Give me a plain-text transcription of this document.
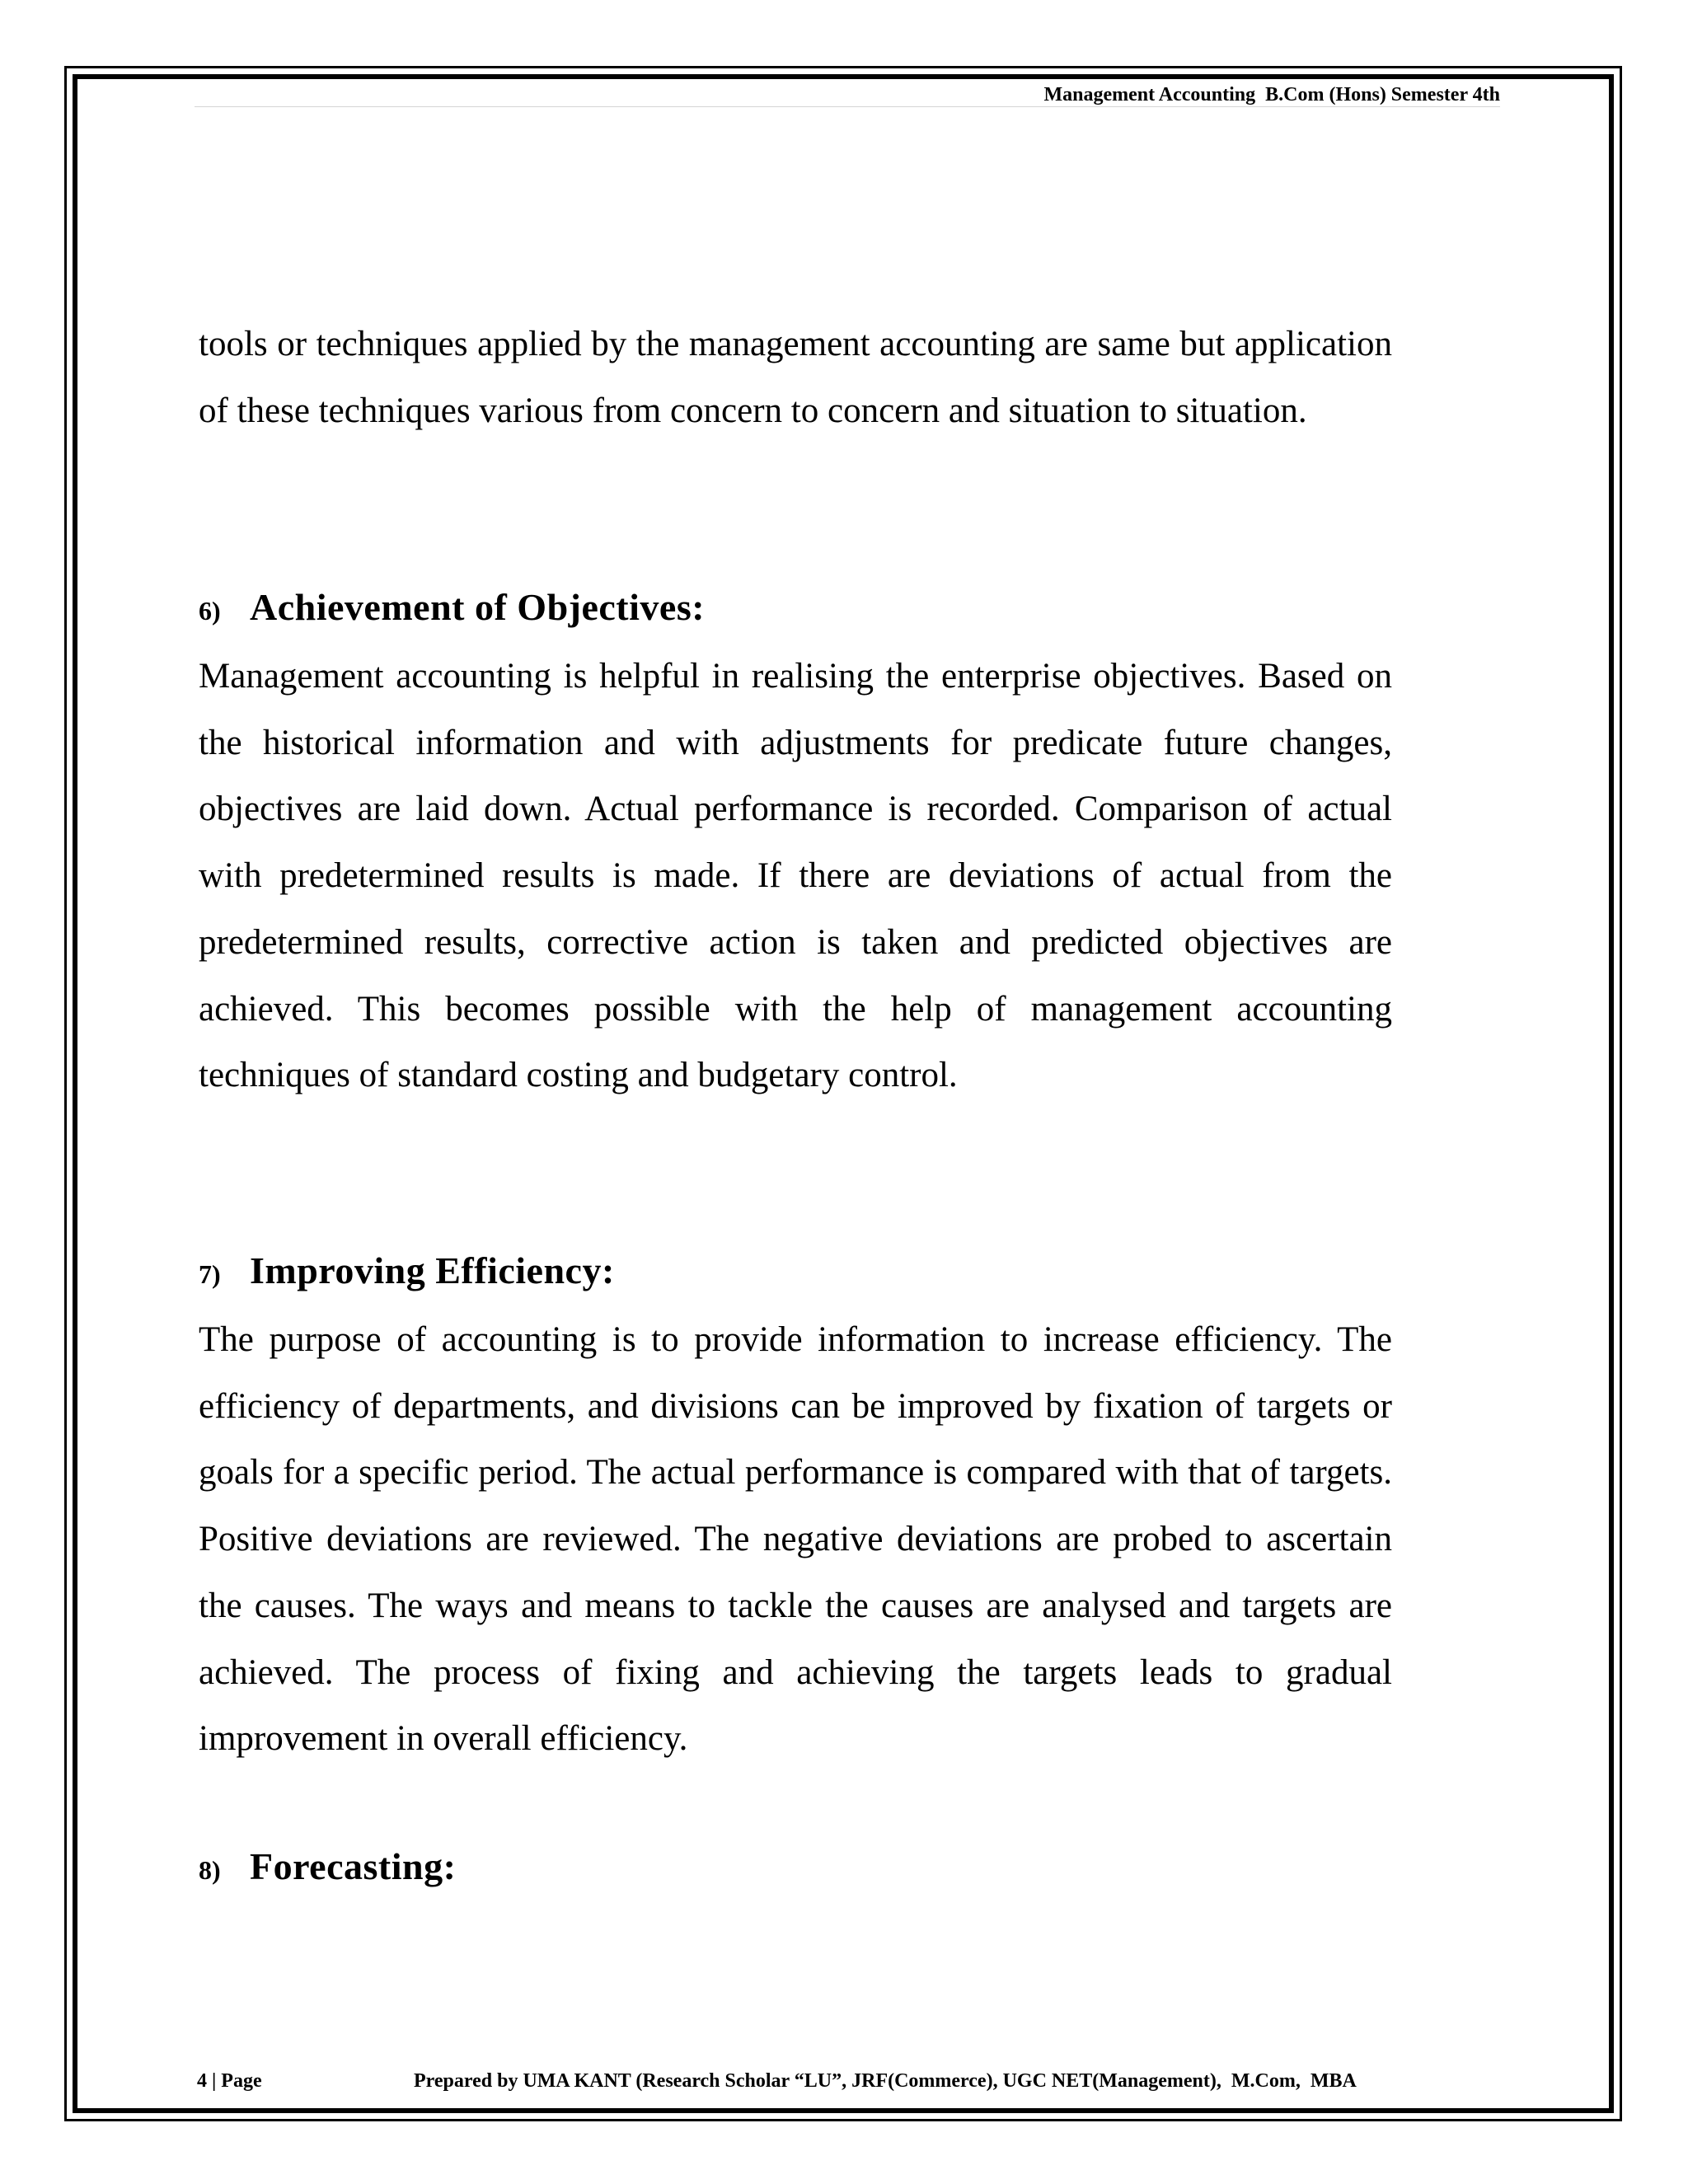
Management Accounting  B.Com (Hons) Semester 4th

tools or techniques applied by the management accounting are same but application of these techniques various from concern to concern and situation to situation.

6) Achievement of Objectives:

Management accounting is helpful in realising the enterprise objectives. Based on the historical information and with adjustments for predicate future changes, objectives are laid down. Actual performance is recorded. Comparison of actual with predetermined results is made. If there are deviations of actual from the predetermined results, corrective action is taken and predicted objectives are achieved. This becomes possible with the help of management accounting techniques of standard costing and budgetary control.

7) Improving Efficiency:

The purpose of accounting is to provide information to increase efficiency. The efficiency of departments, and divisions can be improved by fixation of targets or goals for a specific period. The actual performance is compared with that of targets. Positive deviations are reviewed. The negative deviations are probed to ascertain the causes. The ways and means to tackle the causes are analysed and targets are achieved. The process of fixing and achieving the targets leads to gradual improvement in overall efficiency.

8) Forecasting:
4 | Page	Prepared by UMA KANT (Research Scholar “LU”, JRF(Commerce), UGC NET(Management),  M.Com,  MBA
